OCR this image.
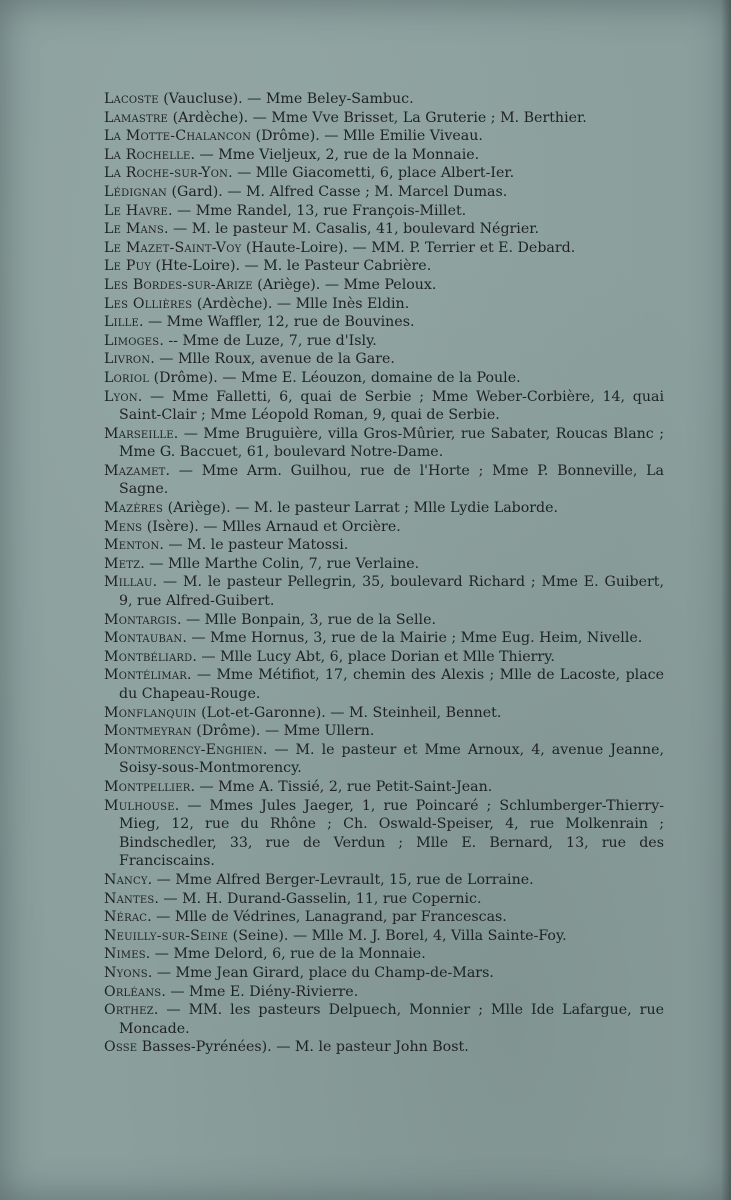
Lacoste (Vaucluse). — Mme Beley-Sambuc.
Lamastre (Ardèche). — Mme Vve Brisset, La Gruterie ; M. Berthier.
La Motte-Chalancon (Drôme). — Mlle Emilie Viveau.
La Rochelle. — Mme Vieljeux, 2, rue de la Monnaie.
La Roche-sur-Yon. — Mlle Giacometti, 6, place Albert-Ier.
Lédignan (Gard). — M. Alfred Casse ; M. Marcel Dumas.
Le Havre. — Mme Randel, 13, rue François-Millet.
Le Mans. — M. le pasteur M. Casalis, 41, boulevard Négrier.
Le Mazet-Saint-Voy (Haute-Loire). — MM. P. Terrier et E. Debard.
Le Puy (Hte-Loire). — M. le Pasteur Cabrière.
Les Bordes-sur-Arize (Ariège). — Mme Peloux.
Les Ollières (Ardèche). — Mlle Inès Eldin.
Lille. — Mme Waffler, 12, rue de Bouvines.
Limoges. -- Mme de Luze, 7, rue d'Isly.
Livron. — Mlle Roux, avenue de la Gare.
Loriol (Drôme). — Mme E. Léouzon, domaine de la Poule.
Lyon. — Mme Falletti, 6, quai de Serbie ; Mme Weber-Corbière, 14, quai Saint-Clair ; Mme Léopold Roman, 9, quai de Serbie.
Marseille. — Mme Bruguière, villa Gros-Mûrier, rue Sabater, Roucas Blanc ; Mme G. Baccuet, 61, boulevard Notre-Dame.
Mazamet. — Mme Arm. Guilhou, rue de l'Horte ; Mme P. Bonneville, La Sagne.
Mazères (Ariège). — M. le pasteur Larrat ; Mlle Lydie Laborde.
Mens (Isère). — Mlles Arnaud et Orcière.
Menton. — M. le pasteur Matossi.
Metz. — Mlle Marthe Colin, 7, rue Verlaine.
Millau. — M. le pasteur Pellegrin, 35, boulevard Richard ; Mme E. Guibert, 9, rue Alfred-Guibert.
Montargis. — Mlle Bonpain, 3, rue de la Selle.
Montauban. — Mme Hornus, 3, rue de la Mairie ; Mme Eug. Heim, Nivelle.
Montbéliard. — Mlle Lucy Abt, 6, place Dorian et Mlle Thierry.
Montélimar. — Mme Métifiot, 17, chemin des Alexis ; Mlle de Lacoste, place du Chapeau-Rouge.
Monflanquin (Lot-et-Garonne). — M. Steinheil, Bennet.
Montmeyran (Drôme). — Mme Ullern.
Montmorency-Enghien. — M. le pasteur et Mme Arnoux, 4, avenue Jeanne, Soisy-sous-Montmorency.
Montpellier. — Mme A. Tissié, 2, rue Petit-Saint-Jean.
Mulhouse. — Mmes Jules Jaeger, 1, rue Poincaré ; Schlumberger-Thierry-Mieg, 12, rue du Rhône ; Ch. Oswald-Speiser, 4, rue Molkenrain ; Bindschedler, 33, rue de Verdun ; Mlle E. Bernard, 13, rue des Franciscains.
Nancy. — Mme Alfred Berger-Levrault, 15, rue de Lorraine.
Nantes. — M. H. Durand-Gasselin, 11, rue Copernic.
Nérac. — Mlle de Védrines, Lanagrand, par Francescas.
Neuilly-sur-Seine (Seine). — Mlle M. J. Borel, 4, Villa Sainte-Foy.
Nimes. — Mme Delord, 6, rue de la Monnaie.
Nyons. — Mme Jean Girard, place du Champ-de-Mars.
Orléans. — Mme E. Diény-Rivierre.
Orthez. — MM. les pasteurs Delpuech, Monnier ; Mlle Ide Lafargue, rue Moncade.
Osse Basses-Pyrénées). — M. le pasteur John Bost.
